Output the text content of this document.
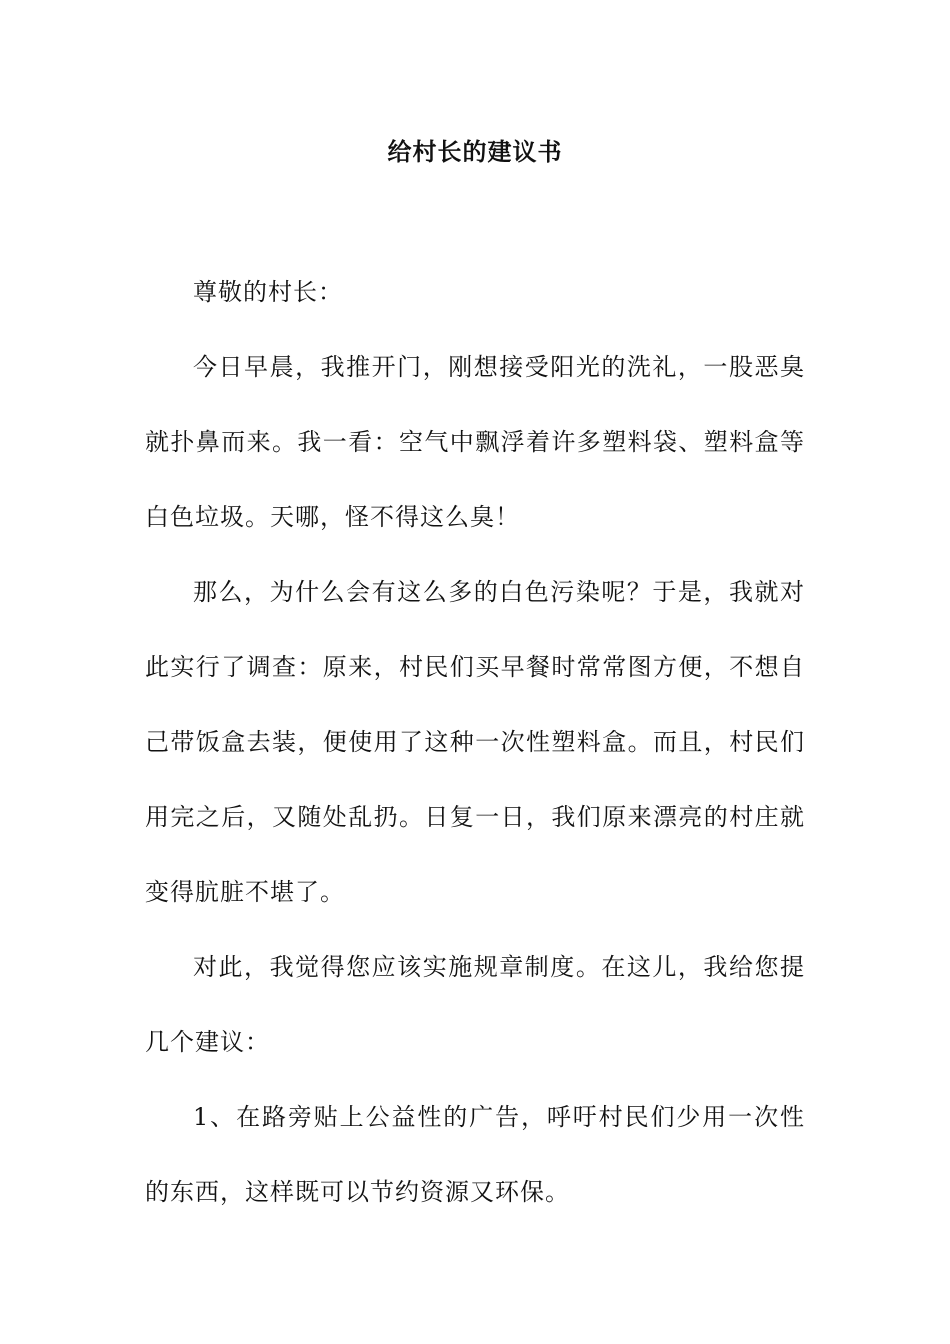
给村长的建议书

尊敬的村长：

今日早晨，我推开门，刚想接受阳光的洗礼，一股恶臭就扑鼻而来。我一看：空气中飘浮着许多塑料袋、塑料盒等白色垃圾。天哪，怪不得这么臭！

那么，为什么会有这么多的白色污染呢？于是，我就对此实行了调查：原来，村民们买早餐时常常图方便，不想自己带饭盒去装，便使用了这种一次性塑料盒。而且，村民们用完之后，又随处乱扔。日复一日，我们原来漂亮的村庄就变得肮脏不堪了。

对此，我觉得您应该实施规章制度。在这儿，我给您提几个建议：

1、在路旁贴上公益性的广告，呼吁村民们少用一次性的东西，这样既可以节约资源又环保。
